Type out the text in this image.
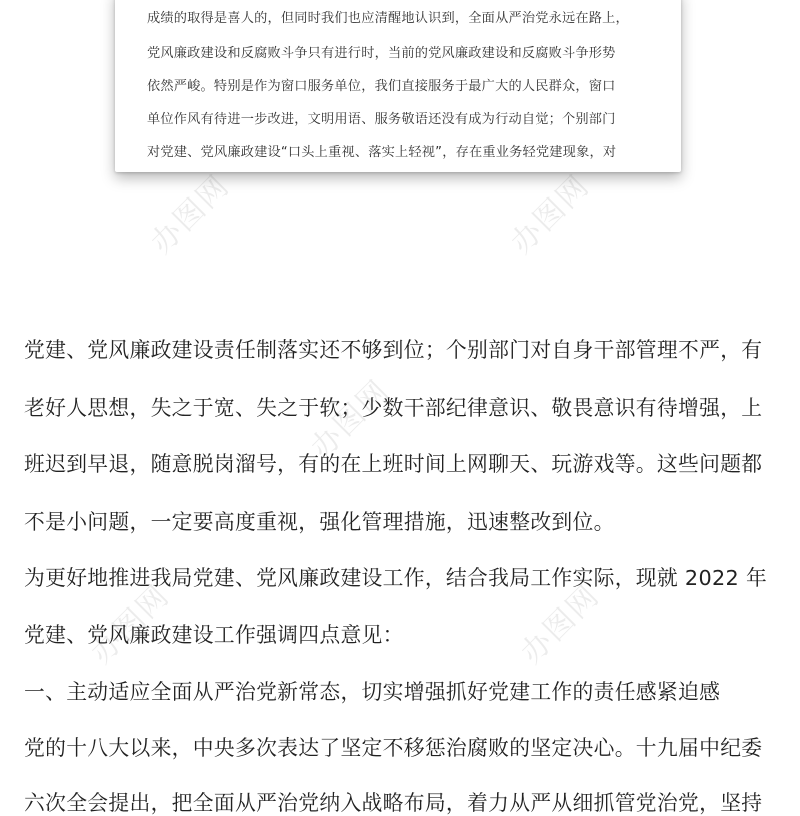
办图网	办图网
办图网
办图网	办图网
成绩的取得是喜人的，但同时我们也应清醒地认识到，全面从严治党永远在路上，
党风廉政建设和反腐败斗争只有进行时，当前的党风廉政建设和反腐败斗争形势
依然严峻。特别是作为窗口服务单位，我们直接服务于最广大的人民群众，窗口
单位作风有待进一步改进，文明用语、服务敬语还没有成为行动自觉；个别部门
对党建、党风廉政建设“口头上重视、落实上轻视”，存在重业务轻党建现象，对
党建、党风廉政建设责任制落实还不够到位；个别部门对自身干部管理不严，有
老好人思想，失之于宽、失之于软；少数干部纪律意识、敬畏意识有待增强，上
班迟到早退，随意脱岗溜号，有的在上班时间上网聊天、玩游戏等。这些问题都
不是小问题，一定要高度重视，强化管理措施，迅速整改到位。
为更好地推进我局党建、党风廉政建设工作，结合我局工作实际，现就 2022 年
党建、党风廉政建设工作强调四点意见：
一、主动适应全面从严治党新常态，切实增强抓好党建工作的责任感紧迫感
党的十八大以来，中央多次表达了坚定不移惩治腐败的坚定决心。十九届中纪委
六次全会提出，把全面从严治党纳入战略布局，着力从严从细抓管党治党，坚持
